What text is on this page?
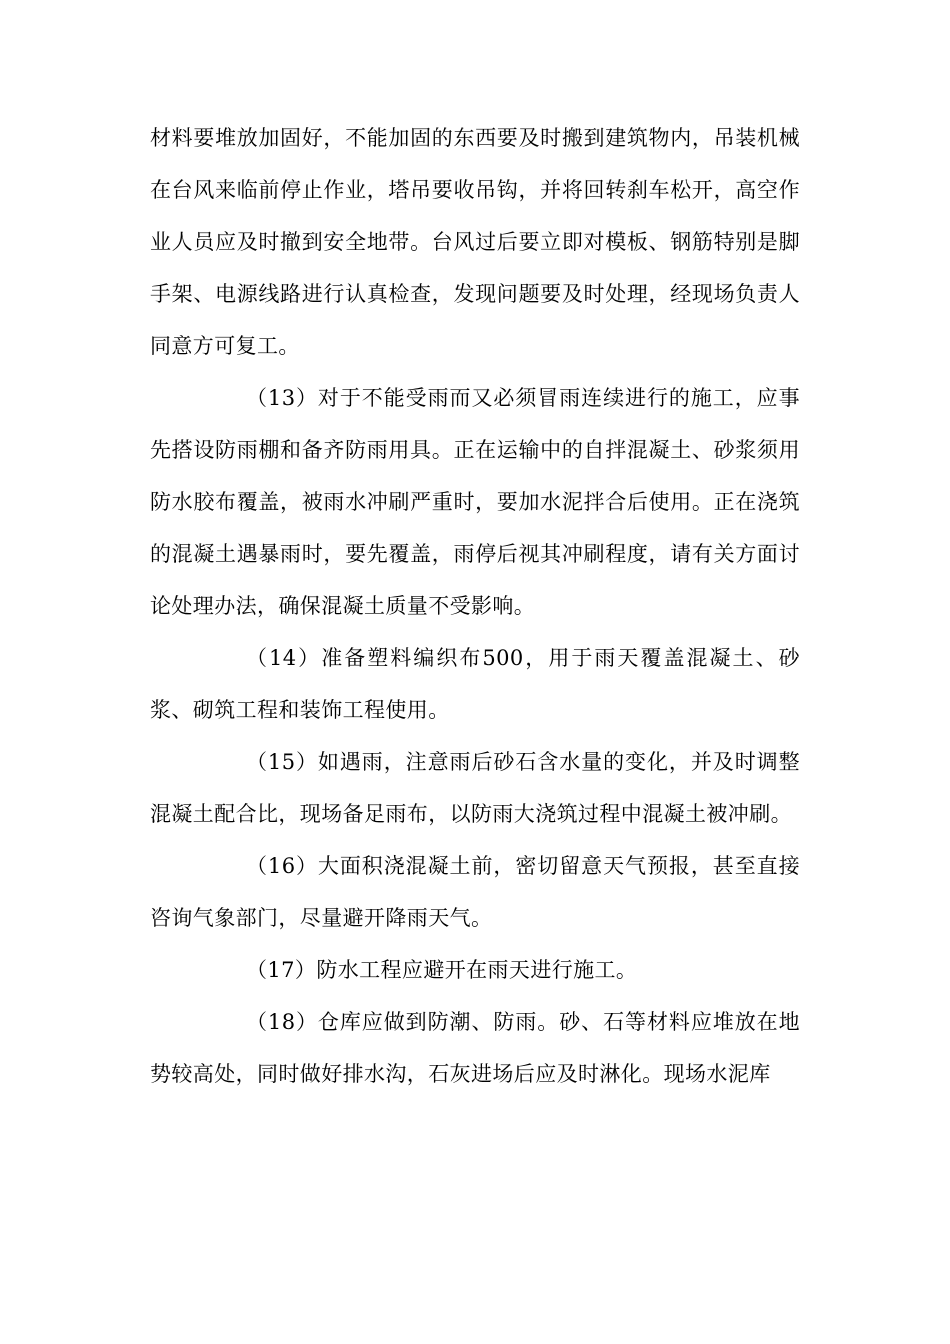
材料要堆放加固好，不能加固的东西要及时搬到建筑物内，吊装机械在台风来临前停止作业，塔吊要收吊钩，并将回转刹车松开，高空作业人员应及时撤到安全地带。台风过后要立即对模板、钢筋特别是脚手架、电源线路进行认真检查，发现问题要及时处理，经现场负责人同意方可复工。

（13）对于不能受雨而又必须冒雨连续进行的施工，应事先搭设防雨棚和备齐防雨用具。正在运输中的自拌混凝土、砂浆须用防水胶布覆盖，被雨水冲刷严重时，要加水泥拌合后使用。正在浇筑的混凝土遇暴雨时，要先覆盖，雨停后视其冲刷程度，请有关方面讨论处理办法，确保混凝土质量不受影响。

（14）准备塑料编织布500，用于雨天覆盖混凝土、砂浆、砌筑工程和装饰工程使用。

（15）如遇雨，注意雨后砂石含水量的变化，并及时调整混凝土配合比，现场备足雨布，以防雨大浇筑过程中混凝土被冲刷。

（16）大面积浇混凝土前，密切留意天气预报，甚至直接咨询气象部门，尽量避开降雨天气。

（17）防水工程应避开在雨天进行施工。

（18）仓库应做到防潮、防雨。砂、石等材料应堆放在地势较高处，同时做好排水沟，石灰进场后应及时淋化。现场水泥库
